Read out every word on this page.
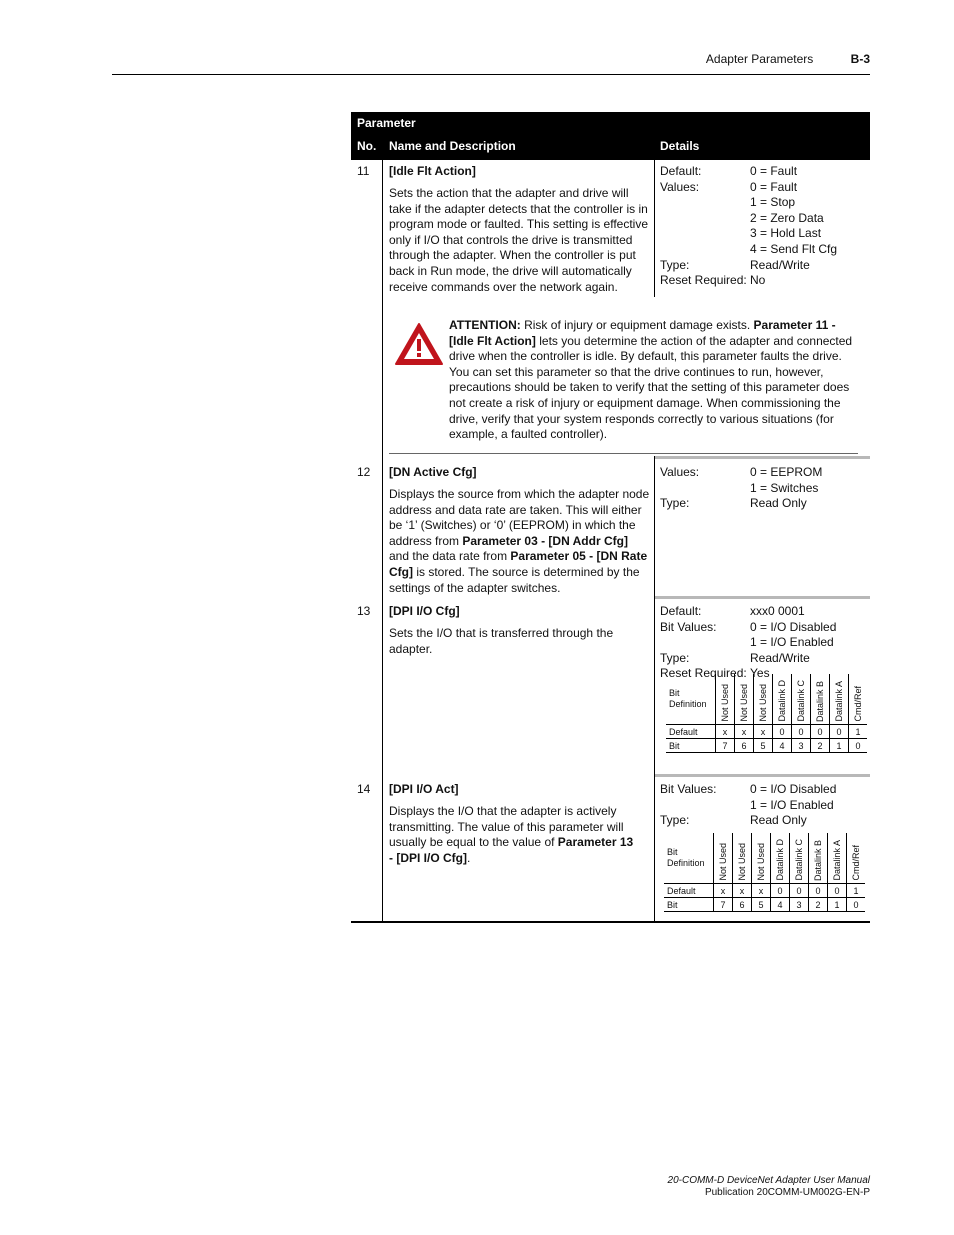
Adapter Parameters	B-3
Parameter
No. Name and Description	Details
11 [Idle Flt Action]
Sets the action that the adapter and drive will take if the adapter detects that the controller is in program mode or faulted. This setting is effective only if I/O that controls the drive is transmitted through the adapter. When the controller is put back in Run mode, the drive will automatically receive commands over the network again.
Default:	0 = Fault
Values:	0 = Fault
1 = Stop
2 = Zero Data
3 = Hold Last
4 = Send Flt Cfg
Type:	Read/Write
Reset Required: No
ATTENTION: Risk of injury or equipment damage exists. Parameter 11 - [Idle Flt Action] lets you determine the action of the adapter and connected drive when the controller is idle. By default, this parameter faults the drive. You can set this parameter so that the drive continues to run, however, precautions should be taken to verify that the setting of this parameter does not create a risk of injury or equipment damage. When commissioning the drive, verify that your system responds correctly to various situations (for example, a faulted controller).
12 [DN Active Cfg]
Displays the source from which the adapter node address and data rate are taken. This will either be ‘1’ (Switches) or ‘0’ (EEPROM) in which the address from Parameter 03 - [DN Addr Cfg] and the data rate from Parameter 05 - [DN Rate Cfg] is stored. The source is determined by the settings of the adapter switches.
Values:	0 = EEPROM
1 = Switches
Type:	Read Only
13 [DPI I/O Cfg]
Sets the I/O that is transferred through the adapter.
Default:	xxx0 0001
Bit Values:	0 = I/O Disabled
1 = I/O Enabled
Type:	Read/Write
Reset Required: Yes
Bit Definition	Not Used	Not Used	Not Used	Datalink D	Datalink C	Datalink B	Datalink A	Cmd/Ref
Default	x	x	x	0	0	0	0	1
Bit	7	6	5	4	3	2	1	0
14 [DPI I/O Act]
Displays the I/O that the adapter is actively transmitting. The value of this parameter will usually be equal to the value of Parameter 13 - [DPI I/O Cfg].
Bit Values:	0 = I/O Disabled
1 = I/O Enabled
Type:	Read Only
Bit Definition	Not Used	Not Used	Not Used	Datalink D	Datalink C	Datalink B	Datalink A	Cmd/Ref
Default	x	x	x	0	0	0	0	1
Bit	7	6	5	4	3	2	1	0
20-COMM-D DeviceNet Adapter User Manual
Publication 20COMM-UM002G-EN-P
